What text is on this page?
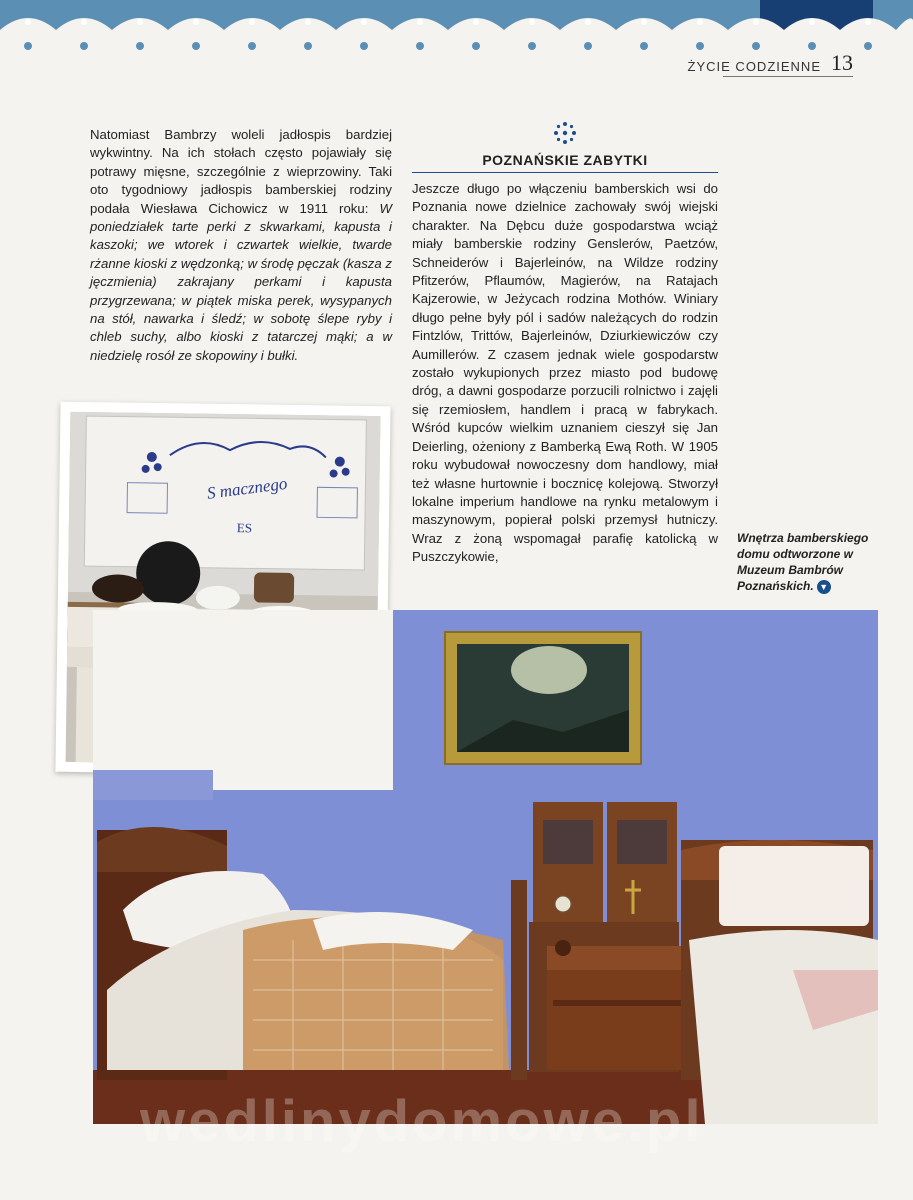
ŻYCIE CODZIENNE 13
Natomiast Bambrzy woleli jadłospis bardziej wykwintny. Na ich stołach często pojawiały się potrawy mięsne, szczególnie z wieprzowiny. Taki oto tygodniowy jadłospis bamberskiej rodziny podała Wiesława Cichowicz w 1911 roku: W poniedziałek tarte perki z skwarkami, kapusta i kaszoki; we wtorek i czwartek wielkie, twarde rżanne kioski z wędzonką; w środę pęczak (kasza z jęczmienia) zakrajany perkami i kapusta przygrzewana; w piątek miska perek, wysypanych na stół, nawarka i śledź; w sobotę ślepe ryby i chleb suchy, albo kioski z tatarczej mąki; a w niedzielę rosół ze skopowiny i bułki.
POZNAŃSKIE ZABYTKI
Jeszcze długo po włączeniu bamberskich wsi do Poznania nowe dzielnice zachowały swój wiejski charakter. Na Dębcu duże gospodarstwa wciąż miały bamberskie rodziny Genslerów, Paetzów, Schneiderów i Bajerleinów, na Wildze rodziny Pfitzerów, Pflaumów, Magierów, na Ratajach Kajzerowie, w Jeżycach rodzina Mothów. Winiary długo pełne były pól i sadów należących do rodzin Fintzlów, Trittów, Bajerleinów, Dziurkiewiczów czy Aumillerów. Z czasem jednak wiele gospodarstw zostało wykupionych przez miasto pod budowę dróg, a dawni gospodarze porzucili rolnictwo i zajęli się rzemiosłem, handlem i pracą w fabrykach. Wśród kupców wielkim uznaniem cieszył się Jan Deierling, ożeniony z Bamberką Ewą Roth. W 1905 roku wybudował nowoczesny dom handlowy, miał też własne hurtownie i bocznicę kolejową. Stworzył lokalne imperium handlowe na rynku metalowym i maszynowym, popierał polski przemysł hutniczy. Wraz z żoną wspomagał parafię katolicką w Puszczykowie,
Wnętrza bamberskiego domu odtworzone w Muzeum Bambrów Poznańskich. ▼
S macznego
ES
wedlinydomowe.pl
